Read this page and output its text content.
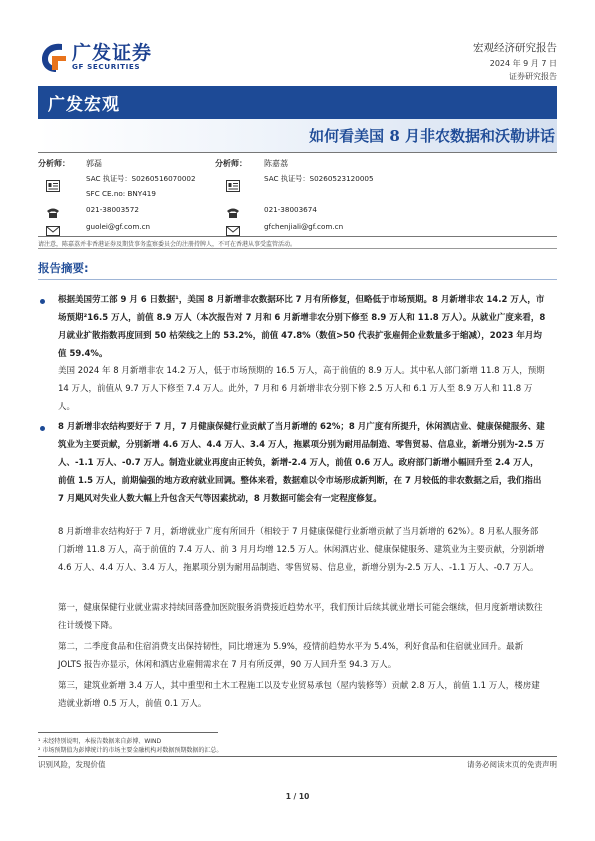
广发证券
GF SECURITIES
宏观经济研究报告
2024 年 9 月 7 日
证券研究报告
广发宏观
如何看美国 8 月非农数据和沃勒讲话
分析师： 郭磊
SAC 执证号：S0260516070002
SFC CE.no: BNY419
021-38003572
guolei@gf.com.cn
分析师： 陈嘉荔
SAC 执证号：S0260523120005
021-38003674
gfchenjiali@gf.com.cn
请注意，陈嘉荔并非香港证券及期货事务监察委员会的注册持牌人，不可在香港从事受监管活动。
报告摘要:
根据美国劳工部 9 月 6 日数据¹，美国 8 月新增非农数据环比 7 月有所修复，但略低于市场预期。8 月新增非农 14.2 万人，市场预期²16.5 万人，前值 8.9 万人（本次报告对 7 月和 6 月新增非农分别下修至 8.9 万人和 11.8 万人）。从就业广度来看，8 月就业扩散指数再度回到 50 枯荣线之上的 53.2%，前值 47.8%（数值>50 代表扩张雇佣企业数量多于缩减），2023 年月均值 59.4%。
美国 2024 年 8 月新增非农 14.2 万人，低于市场预期的 16.5 万人，高于前值的 8.9 万人。其中私人部门新增 11.8 万人，预期 14 万人，前值从 9.7 万人下修至 7.4 万人。此外，7 月和 6 月新增非农分别下修 2.5 万人和 6.1 万人至 8.9 万人和 11.8 万人。
8 月新增非农结构要好于 7 月，7 月健康保健行业贡献了当月新增的 62%；8 月广度有所提升，休闲酒店业、健康保健服务、建筑业为主要贡献，分别新增 4.6 万人、4.4 万人、3.4 万人，拖累项分别为耐用品制造、零售贸易、信息业，新增分别为-2.5 万人、-1.1 万人、-0.7 万人。制造业就业再度由正转负，新增-2.4 万人，前值 0.6 万人。政府部门新增小幅回升至 2.4 万人，前值 1.5 万人，前期偏强的地方政府就业回调。整体来看，数据难以令市场形成新判断，在 7 月较低的非农数据之后，我们指出 7 月飓风对失业人数大幅上升包含天气等因素扰动，8 月数据可能会有一定程度修复。
8 月新增非农结构好于 7 月，新增就业广度有所回升（相较于 7 月健康保健行业新增贡献了当月新增的 62%）。8 月私人服务部门新增 11.8 万人，高于前值的 7.4 万人、前 3 月月均增 12.5 万人。休闲酒店业、健康保健服务、建筑业为主要贡献，分别新增 4.6 万人、4.4 万人、3.4 万人，拖累项分别为耐用品制造、零售贸易、信息业，新增分别为-2.5 万人、-1.1 万人、-0.7 万人。
第一，健康保健行业就业需求持续回落叠加医院服务消费接近趋势水平，我们预计后续其就业增长可能会继续，但月度新增读数往往计缓慢下降。
第二，二季度食品和住宿消费支出保持韧性，同比增速为 5.9%，疫情前趋势水平为 5.4%，利好食品和住宿就业回升。最新 JOLTS 报告亦显示，休闲和酒店业雇佣需求在 7 月有所反弹，90 万人回升至 94.3 万人。
第三，建筑业新增 3.4 万人，其中重型和土木工程施工以及专业贸易承包（屋内装修等）贡献 2.8 万人，前值 1.1 万人，楼房建造就业新增 0.5 万人，前值 0.1 万人。
¹ 未经特别说明，本报告数据来自彭博、WIND
² 市场预期值为彭博统计的市场主要金融机构对数据预期数据的汇总。
识别风险，发现价值	请务必阅读末页的免责声明
1 / 10
